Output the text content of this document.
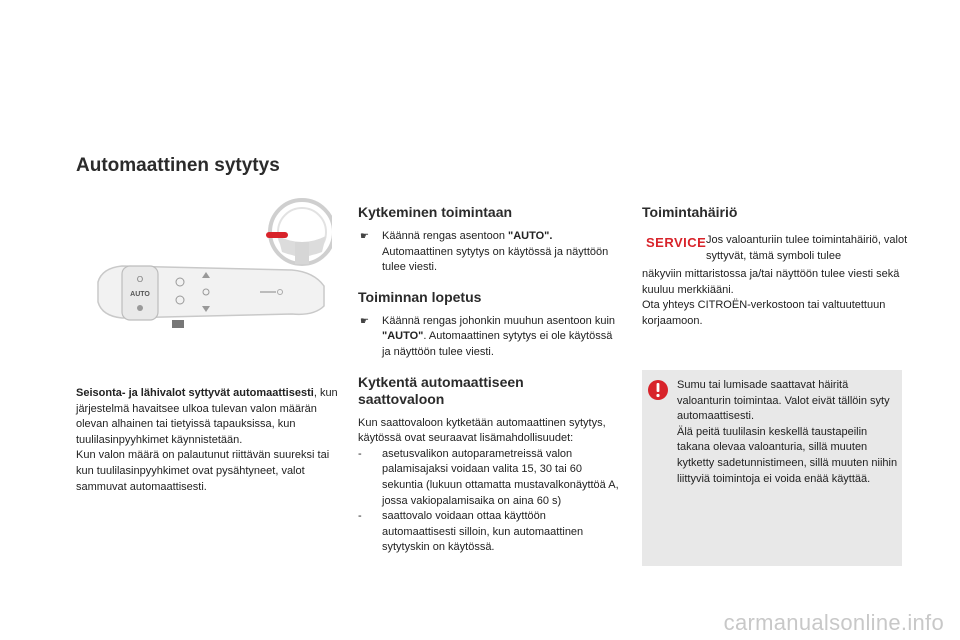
Automaattinen sytytys
AUTO
O

Seisonta- ja lähivalot syttyvät automaattisesti, kun järjestelmä havaitsee ulkoa tulevan valon määrän olevan alhainen tai tietyissä tapauksissa, kun tuulilasinpyyhkimet käynnistetään.

Kun valon määrä on palautunut riittävän suureksi tai kun tuulilasinpyyhkimet ovat pysähtyneet, valot sammuvat automaattisesti.

Kytkeminen toimintaan
☛ Käännä rengas asentoon "AUTO". Automaattinen sytytys on käytössä ja näyttöön tulee viesti.
Toiminnan lopetus
☛ Käännä rengas johonkin muuhun asentoon kuin "AUTO". Automaattinen sytytys ei ole käytössä ja näyttöön tulee viesti.
Kytkentä automaattiseen
saattovaloon

Kun saattovaloon kytketään automaattinen sytytys, käytössä ovat seuraavat lisämahdollisuudet:

- asetusvalikon autoparametreissä valon palamisajaksi voidaan valita 15, 30 tai 60 sekuntia (lukuun ottamatta mustavalkonäyttöä A, jossa vakiopalamisaika on aina 60 s)
- saattovalo voidaan ottaa käyttöön automaattisesti silloin, kun automaattinen sytytyskin on käytössä.
Toimintahäiriö
SERVICE Jos valoanturiin tulee toimintahäiriö, valot syttyvät, tämä symboli tulee

näkyviin mittaristossa ja/tai näyttöön tulee viesti sekä kuuluu merkkiääni.

Ota yhteys CITROËN-verkostoon tai valtuutettuun korjaamoon.

Sumu tai lumisade saattavat häiritä valoanturin toimintaa. Valot eivät tällöin syty automaattisesti.

Älä peitä tuulilasin keskellä taustapeilin takana olevaa valoanturia, sillä muuten kytketty sadetunnistimeen, sillä muuten niihin liittyviä toimintoja ei voida enää käyttää.

carmanualsonline.info
